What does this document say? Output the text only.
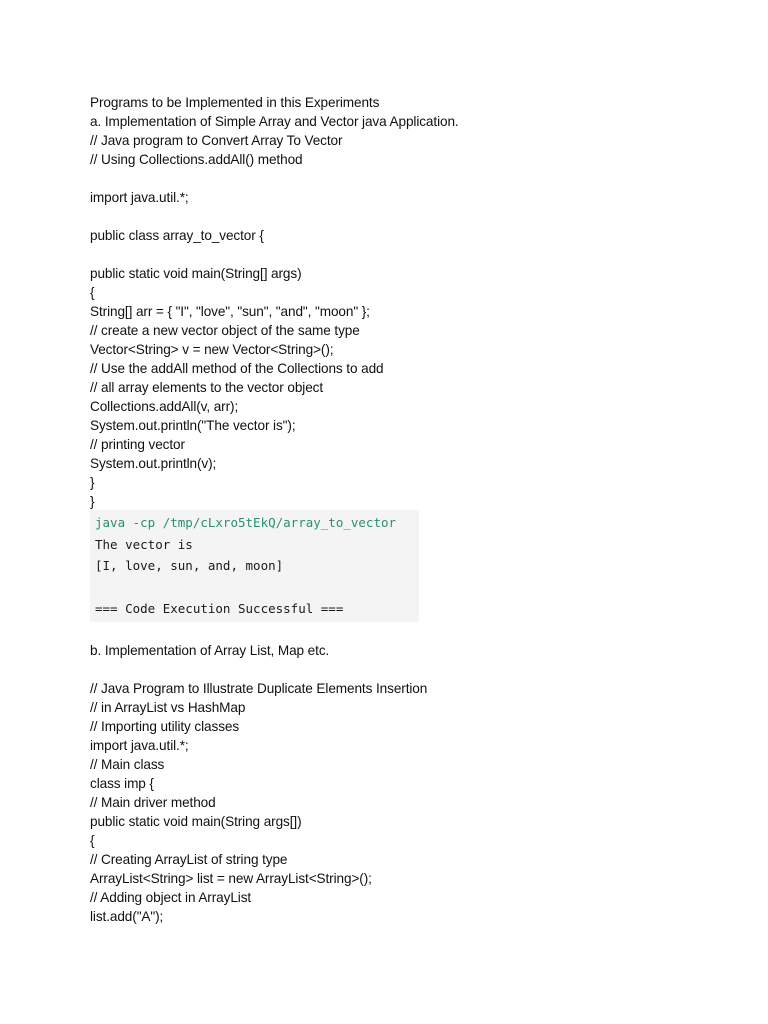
Programs to be Implemented in this Experiments
a. Implementation of Simple Array and Vector java Application.
// Java program to Convert Array To Vector
// Using Collections.addAll() method
import java.util.*;
public class array_to_vector {
public static void main(String[] args)
{
String[] arr = { "I", "love", "sun", "and", "moon" };
// create a new vector object of the same type
Vector<String> v = new Vector<String>();
// Use the addAll method of the Collections to add
// all array elements to the vector object
Collections.addAll(v, arr);
System.out.println("The vector is");
// printing vector
System.out.println(v);
}
}
java -cp /tmp/cLxro5tEkQ/array_to_vector
The vector is
[I, love, sun, and, moon]
=== Code Execution Successful ===
b. Implementation of Array List, Map etc.
// Java Program to Illustrate Duplicate Elements Insertion
// in ArrayList vs HashMap
// Importing utility classes
import java.util.*;
// Main class
class imp {
// Main driver method
public static void main(String args[])
{
// Creating ArrayList of string type
ArrayList<String> list = new ArrayList<String>();
// Adding object in ArrayList
list.add("A");
